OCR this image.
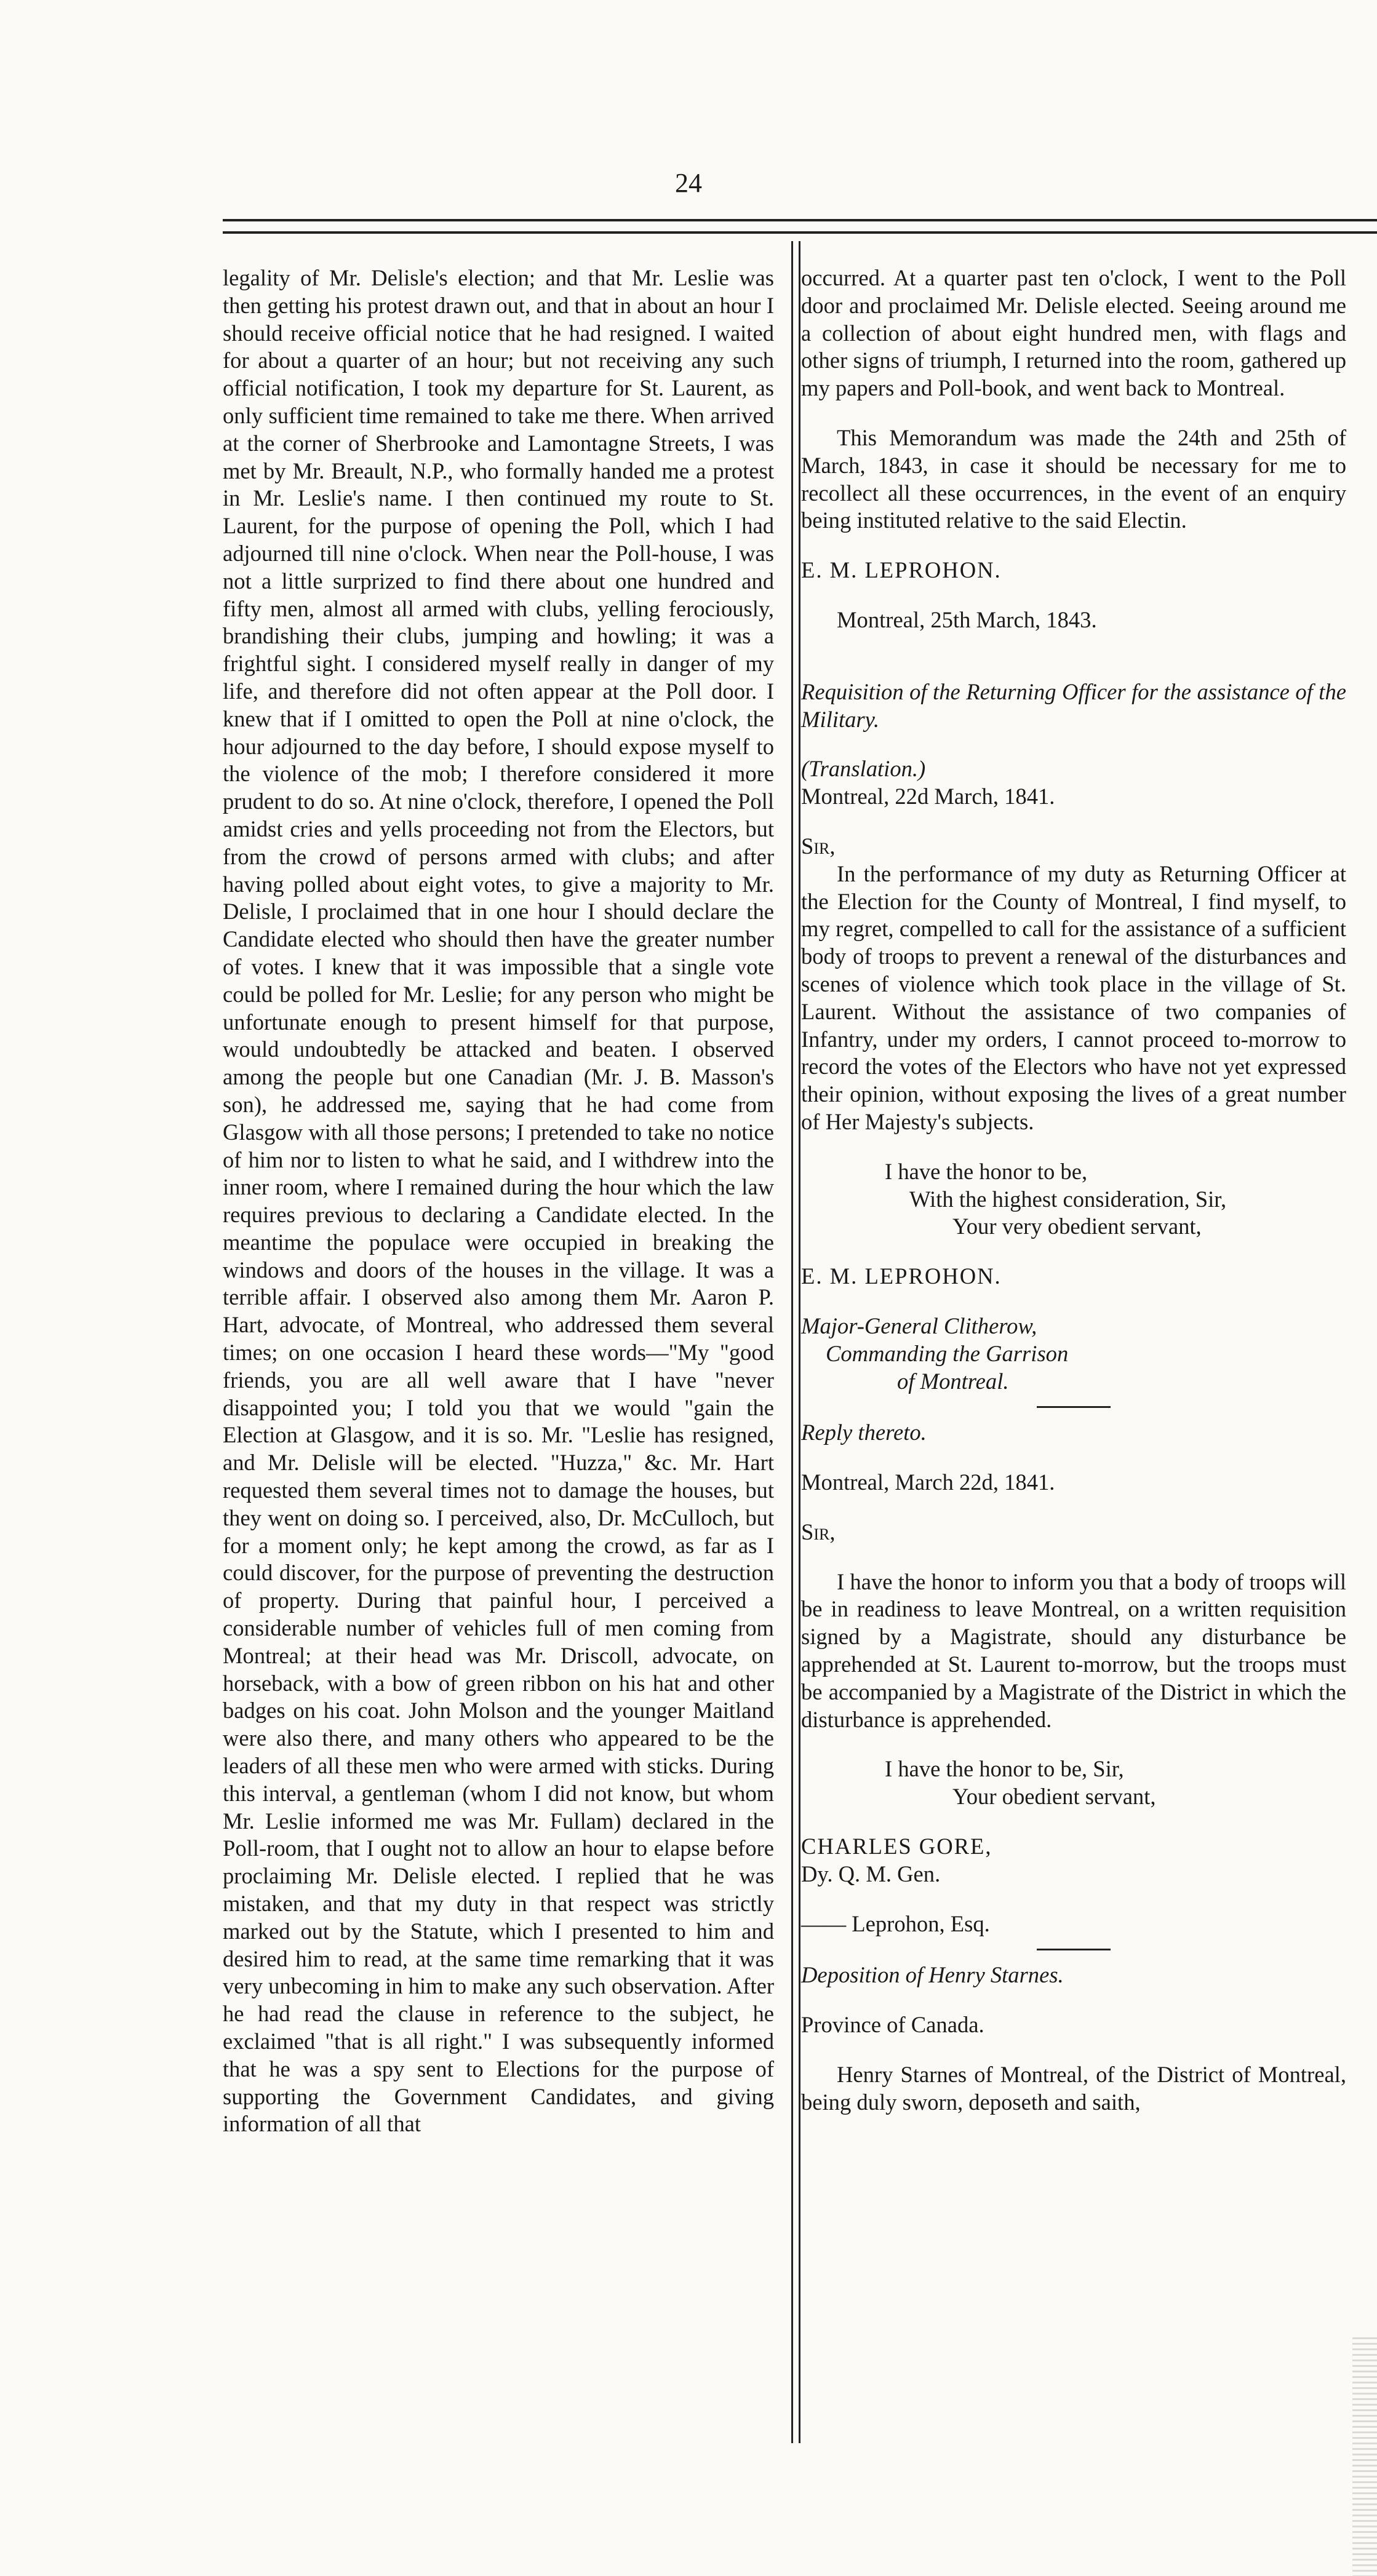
24

legality of Mr. Delisle's election; and that Mr. Leslie was then getting his protest drawn out, and that in about an hour I should receive official notice that he had resigned. I waited for about a quarter of an hour; but not receiving any such official notification, I took my departure for St. Laurent, as only sufficient time remained to take me there. When arrived at the corner of Sherbrooke and Lamontagne Streets, I was met by Mr. Breault, N.P., who formally handed me a protest in Mr. Leslie's name. I then continued my route to St. Laurent, for the purpose of opening the Poll, which I had adjourned till nine o'clock. When near the Poll-house, I was not a little surprized to find there about one hundred and fifty men, almost all armed with clubs, yelling ferociously, brandishing their clubs, jumping and howling; it was a frightful sight. I considered myself really in danger of my life, and therefore did not often appear at the Poll door. I knew that if I omitted to open the Poll at nine o'clock, the hour adjourned to the day before, I should expose myself to the violence of the mob; I therefore considered it more prudent to do so. At nine o'clock, therefore, I opened the Poll amidst cries and yells proceeding not from the Electors, but from the crowd of persons armed with clubs; and after having polled about eight votes, to give a majority to Mr. Delisle, I proclaimed that in one hour I should declare the Candidate elected who should then have the greater number of votes. I knew that it was impossible that a single vote could be polled for Mr. Leslie; for any person who might be unfortunate enough to present himself for that purpose, would undoubtedly be attacked and beaten. I observed among the people but one Canadian (Mr. J. B. Masson's son), he addressed me, saying that he had come from Glasgow with all those persons; I pretended to take no notice of him nor to listen to what he said, and I withdrew into the inner room, where I remained during the hour which the law requires previous to declaring a Candidate elected. In the meantime the populace were occupied in breaking the windows and doors of the houses in the village. It was a terrible affair. I observed also among them Mr. Aaron P. Hart, advocate, of Montreal, who addressed them several times; on one occasion I heard these words—"My "good friends, you are all well aware that I have "never disappointed you; I told you that we would "gain the Election at Glasgow, and it is so. Mr. "Leslie has resigned, and Mr. Delisle will be elected. "Huzza," &c. Mr. Hart requested them several times not to damage the houses, but they went on doing so. I perceived, also, Dr. McCulloch, but for a moment only; he kept among the crowd, as far as I could discover, for the purpose of preventing the destruction of property. During that painful hour, I perceived a considerable number of vehicles full of men coming from Montreal; at their head was Mr. Driscoll, advocate, on horseback, with a bow of green ribbon on his hat and other badges on his coat. John Molson and the younger Maitland were also there, and many others who appeared to be the leaders of all these men who were armed with sticks. During this interval, a gentleman (whom I did not know, but whom Mr. Leslie informed me was Mr. Fullam) declared in the Poll-room, that I ought not to allow an hour to elapse before proclaiming Mr. Delisle elected. I replied that he was mistaken, and that my duty in that respect was strictly marked out by the Statute, which I presented to him and desired him to read, at the same time remarking that it was very unbecoming in him to make any such observation. After he had read the clause in reference to the subject, he exclaimed "that is all right." I was subsequently informed that he was a spy sent to Elections for the purpose of supporting the Government Candidates, and giving information of all that

occurred. At a quarter past ten o'clock, I went to the Poll door and proclaimed Mr. Delisle elected. Seeing around me a collection of about eight hundred men, with flags and other signs of triumph, I returned into the room, gathered up my papers and Poll-book, and went back to Montreal.

This Memorandum was made the 24th and 25th of March, 1843, in case it should be necessary for me to recollect all these occurrences, in the event of an enquiry being instituted relative to the said Electin.

E. M. LEPROHON.

Montreal, 25th March, 1843.

Requisition of the Returning Officer for the assistance of the Military.

(Translation.)

Montreal, 22d March, 1841.

Sir,

In the performance of my duty as Returning Officer at the Election for the County of Montreal, I find myself, to my regret, compelled to call for the assistance of a sufficient body of troops to prevent a renewal of the disturbances and scenes of violence which took place in the village of St. Laurent. Without the assistance of two companies of Infantry, under my orders, I cannot proceed to-morrow to record the votes of the Electors who have not yet expressed their opinion, without exposing the lives of a great number of Her Majesty's subjects.

I have the honor to be,

With the highest consideration, Sir,

Your very obedient servant,

E. M. LEPROHON.

Major-General Clitherow,

Commanding the Garrison

of Montreal.

Reply thereto.

Montreal, March 22d, 1841.

Sir,

I have the honor to inform you that a body of troops will be in readiness to leave Montreal, on a written requisition signed by a Magistrate, should any disturbance be apprehended at St. Laurent to-morrow, but the troops must be accompanied by a Magistrate of the District in which the disturbance is apprehended.

I have the honor to be, Sir,

Your obedient servant,

CHARLES GORE,

Dy. Q. M. Gen.

—— Leprohon, Esq.

Deposition of Henry Starnes.

Province of Canada.

Henry Starnes of Montreal, of the District of Montreal, being duly sworn, deposeth and saith,
